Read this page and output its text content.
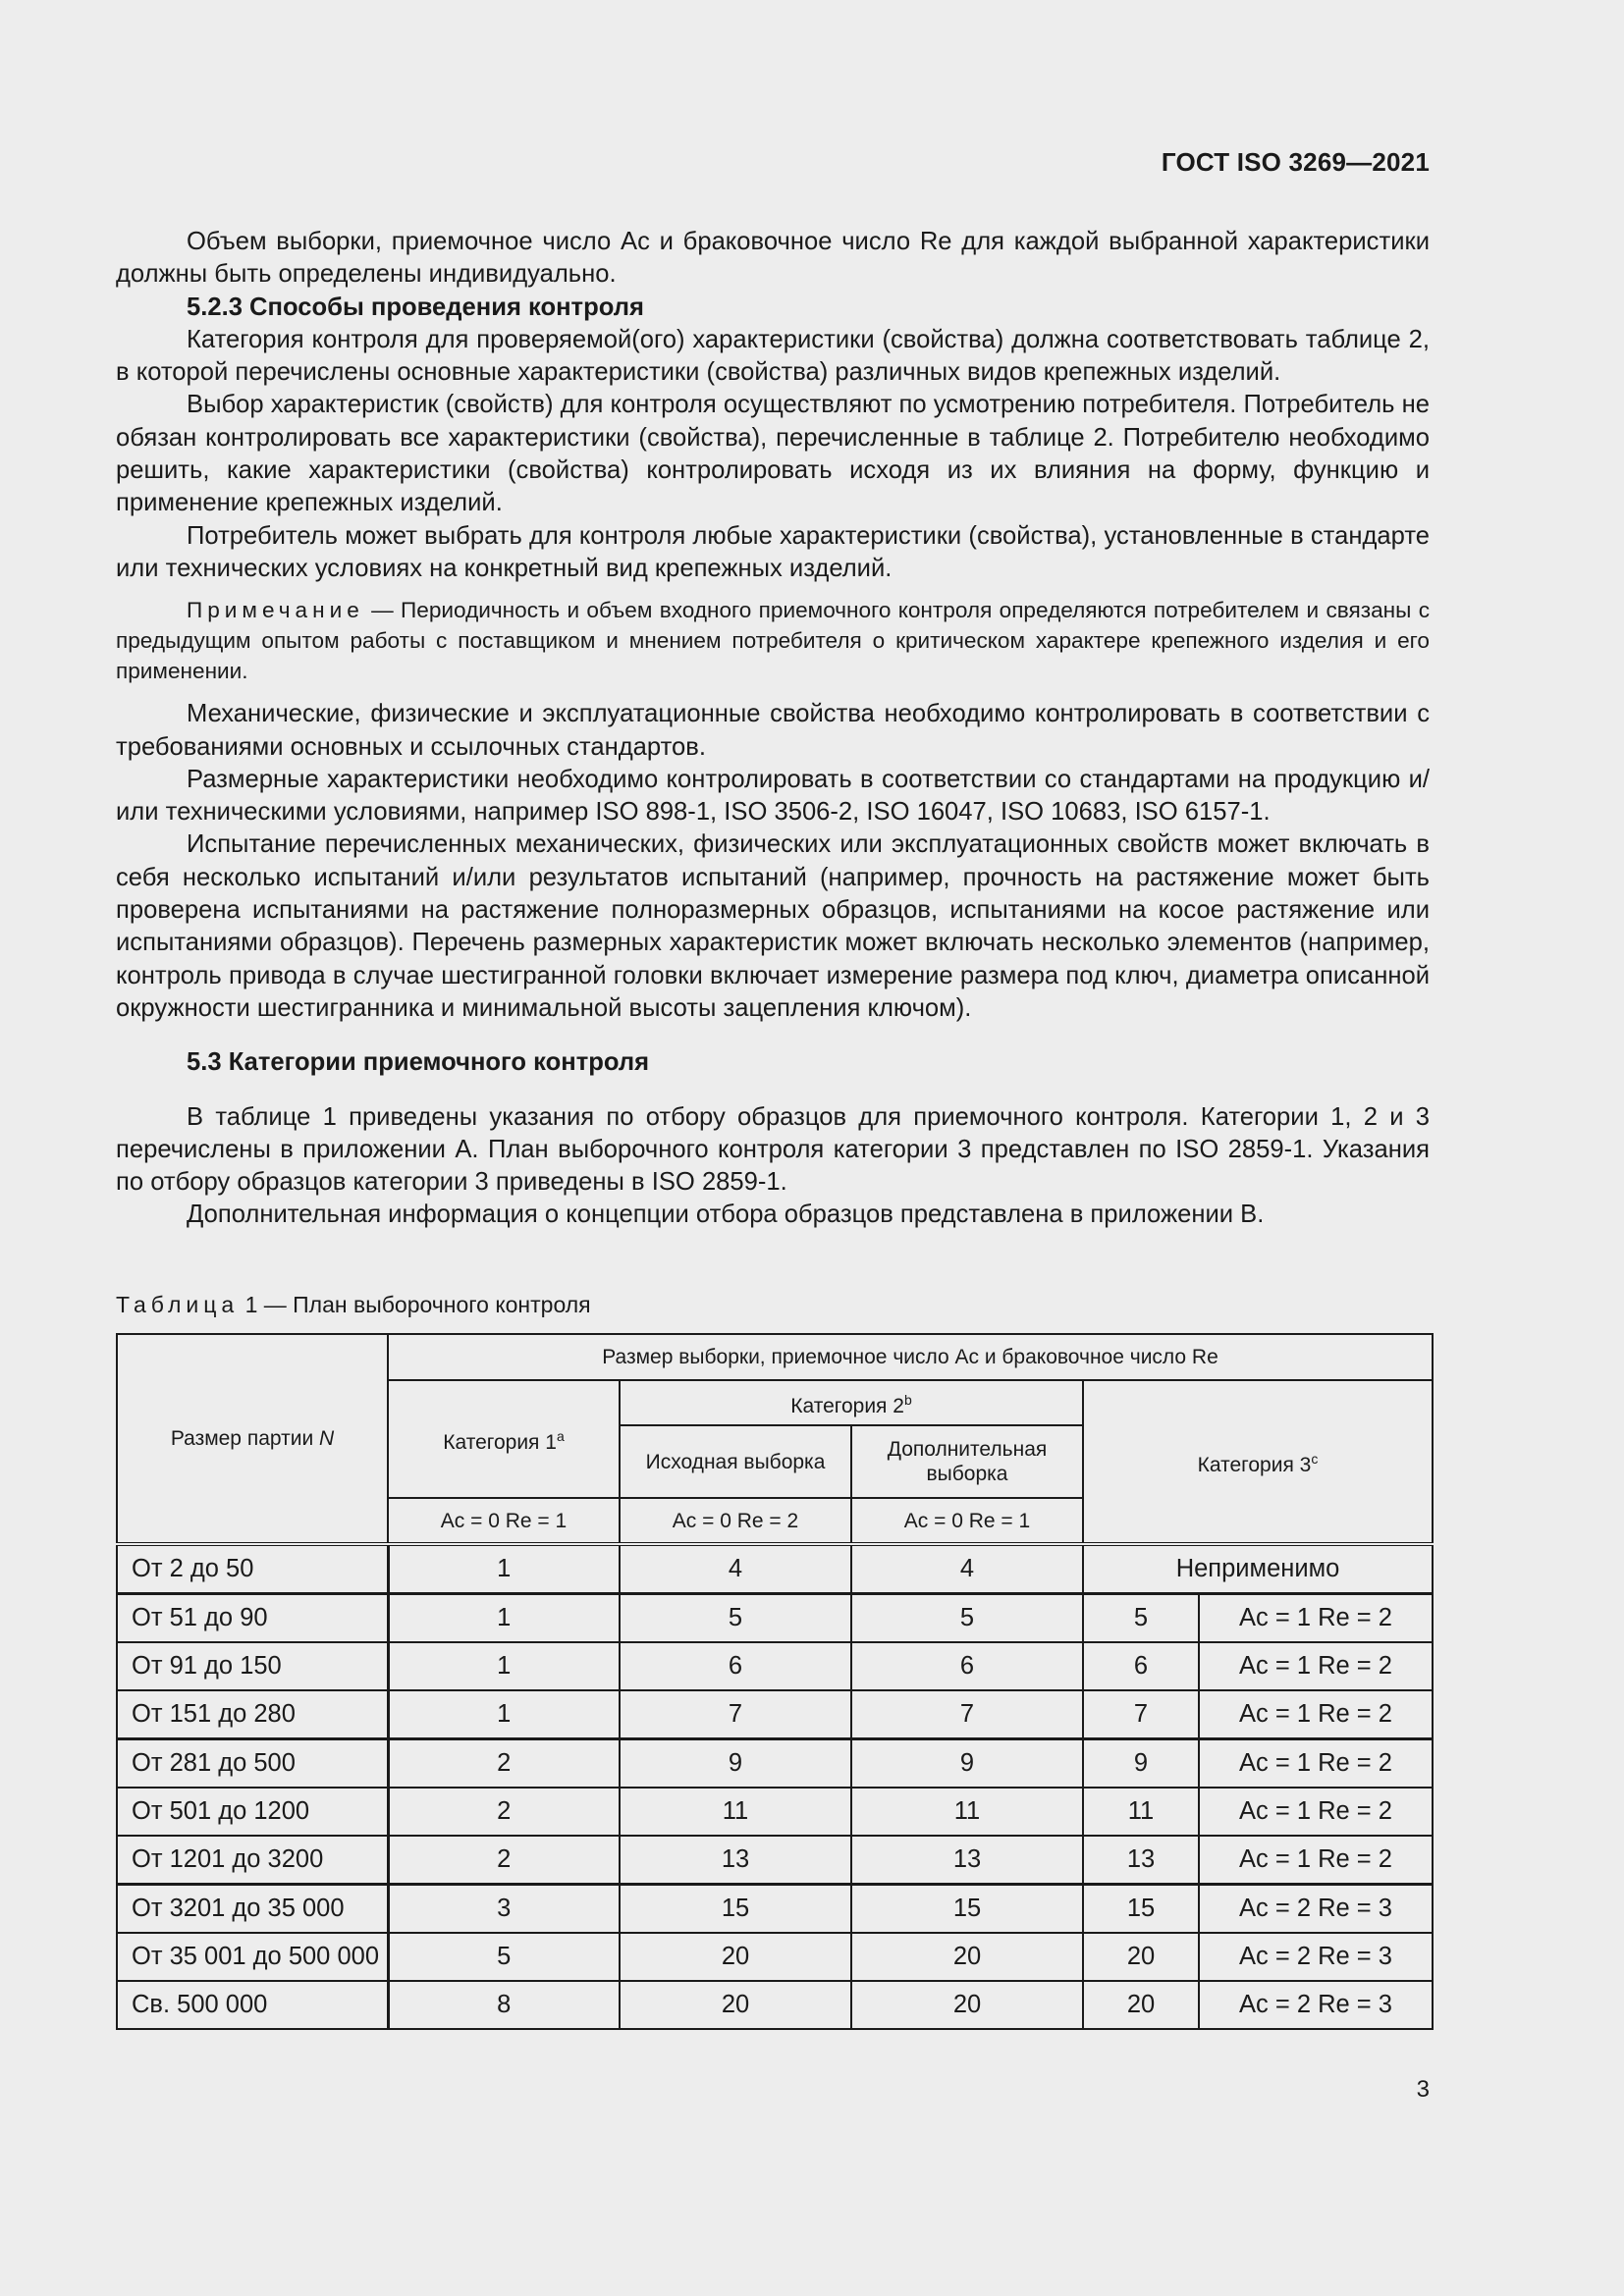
ГОСТ ISO 3269—2021

Объем выборки, приемочное число Ac и браковочное число Re для каждой выбранной характеристики должны быть определены индивидуально.

5.2.3 Способы проведения контроля

Категория контроля для проверяемой(ого) характеристики (свойства) должна соответствовать таблице 2, в которой перечислены основные характеристики (свойства) различных видов крепежных изделий.

Выбор характеристик (свойств) для контроля осуществляют по усмотрению потребителя. Потребитель не обязан контролировать все характеристики (свойства), перечисленные в таблице 2. Потребителю необходимо решить, какие характеристики (свойства) контролировать исходя из их влияния на форму, функцию и применение крепежных изделий.

Потребитель может выбрать для контроля любые характеристики (свойства), установленные в стандарте или технических условиях на конкретный вид крепежных изделий.

Примечание — Периодичность и объем входного приемочного контроля определяются потребителем и связаны с предыдущим опытом работы с поставщиком и мнением потребителя о критическом характере крепежного изделия и его применении.

Механические, физические и эксплуатационные свойства необходимо контролировать в соответствии с требованиями основных и ссылочных стандартов.

Размерные характеристики необходимо контролировать в соответствии со стандартами на продукцию и/или техническими условиями, например ISO 898-1, ISO 3506-2, ISO 16047, ISO 10683, ISO 6157-1.

Испытание перечисленных механических, физических или эксплуатационных свойств может включать в себя несколько испытаний и/или результатов испытаний (например, прочность на растяжение может быть проверена испытаниями на растяжение полноразмерных образцов, испытаниями на косое растяжение или испытаниями образцов). Перечень размерных характеристик может включать несколько элементов (например, контроль привода в случае шестигранной головки включает измерение размера под ключ, диаметра описанной окружности шестигранника и минимальной высоты зацепления ключом).

5.3 Категории приемочного контроля

В таблице 1 приведены указания по отбору образцов для приемочного контроля. Категории 1, 2 и 3 перечислены в приложении A. План выборочного контроля категории 3 представлен по ISO 2859-1. Указания по отбору образцов категории 3 приведены в ISO 2859-1.

Дополнительная информация о концепции отбора образцов представлена в приложении B.

Таблица 1 — План выборочного контроля
Размер партии N	Размер выборки, приемочное число Ac и браковочное число Re				
	Категория 1$^a$	Категория 2$^b$		Категория 3$^c$
		Исходная выборка	Дополнительная выборка		
	Ac = 0 Re = 1	Ac = 0 Re = 2	Ac = 0 Re = 1		
От 2 до 50	1	4	4	Неприменимо	
От 51 до 90	1	5	5	5	Ac = 1 Re = 2
От 91 до 150	1	6	6	6	Ac = 1 Re = 2
От 151 до 280	1	7	7	7	Ac = 1 Re = 2
От 281 до 500	2	9	9	9	Ac = 1 Re = 2
От 501 до 1200	2	11	11	11	Ac = 1 Re = 2
От 1201 до 3200	2	13	13	13	Ac = 1 Re = 2
От 3201 до 35 000	3	15	15	15	Ac = 2 Re = 3
От 35 001 до 500 000	5	20	20	20	Ac = 2 Re = 3
Св. 500 000	8	20	20	20	Ac = 2 Re = 3
3
